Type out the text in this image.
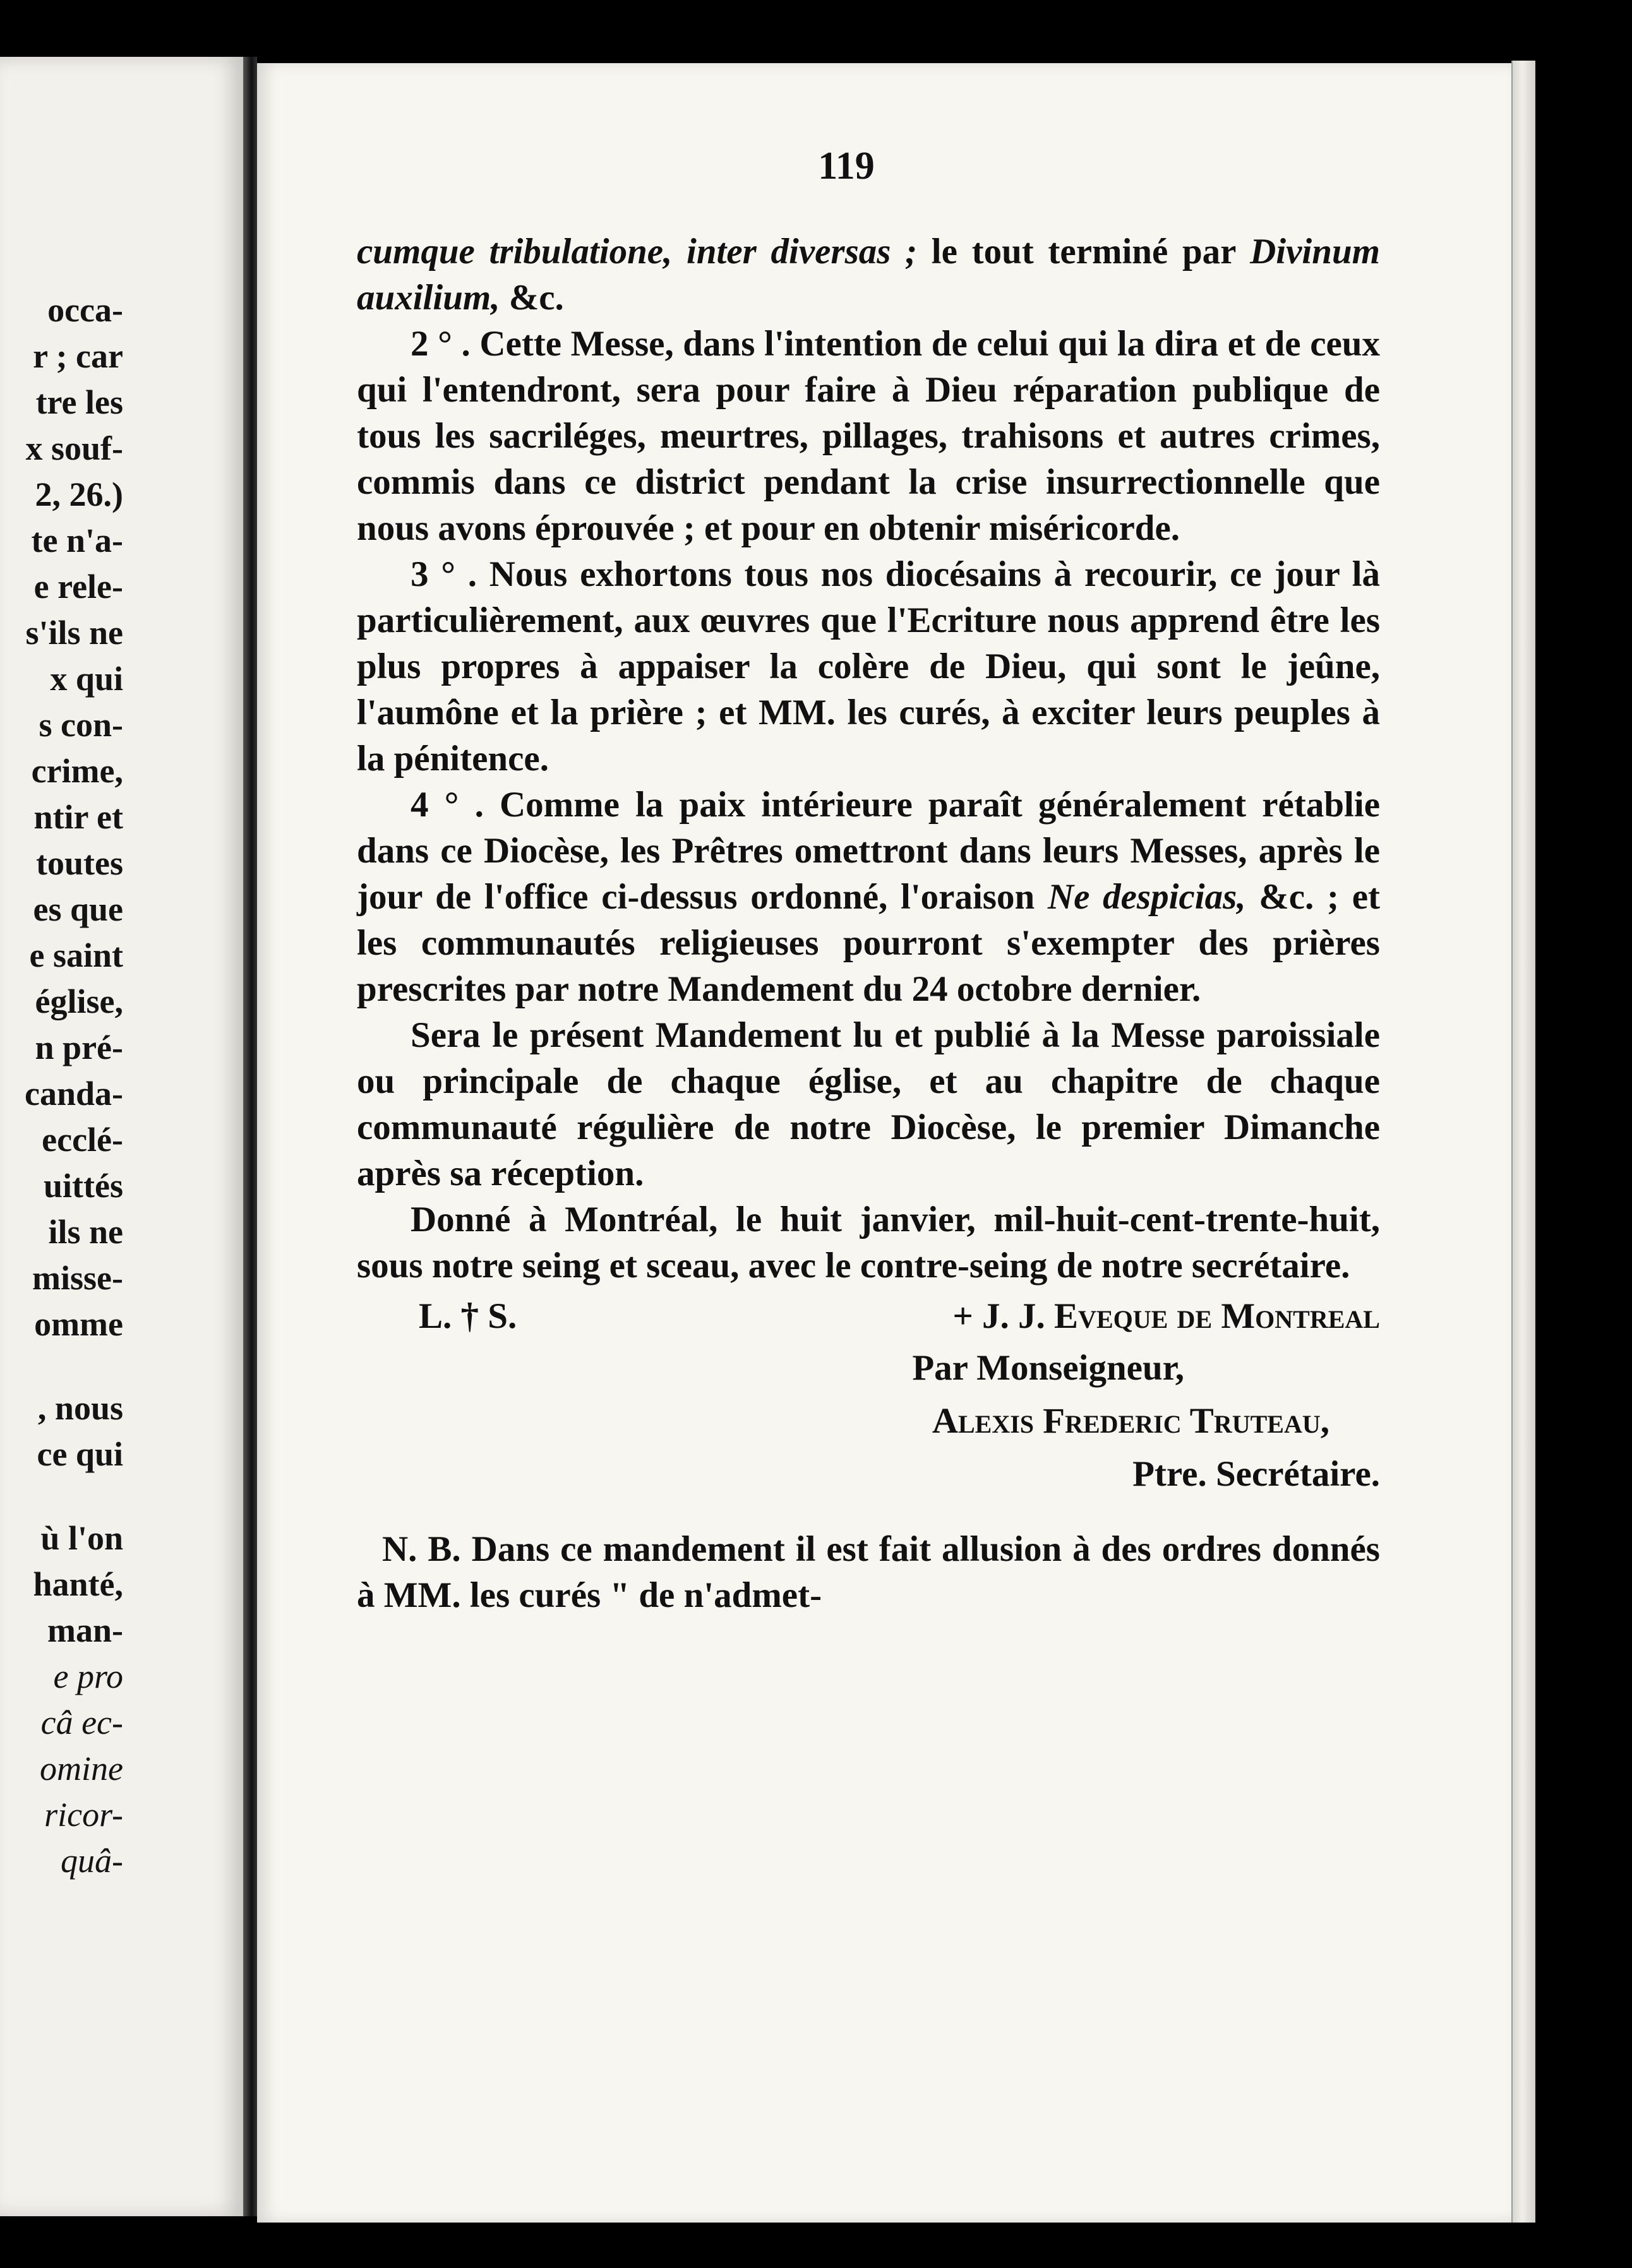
occa-
r ; car
tre les
x souf-
2, 26.)
te n'a-
e rele-
s'ils ne
x qui
s con-
crime,
ntir et
toutes
es que
e saint
église,
n pré-
canda-
ecclé-
uittés
ils ne
misse-
omme
, nous
ce qui
ù l'on
hanté,
man-
e pro
câ ec-
omine
ricor-
quâ-
119

cumque tribulatione, inter diversas ; le tout terminé par Divinum auxilium, &c.

2 ° . Cette Messe, dans l'intention de celui qui la dira et de ceux qui l'entendront, sera pour faire à Dieu réparation publique de tous les sacriléges, meurtres, pillages, trahisons et autres crimes, commis dans ce district pendant la crise insurrectionnelle que nous avons éprouvée ; et pour en obtenir miséricorde.

3 ° . Nous exhortons tous nos diocésains à recourir, ce jour là particulièrement, aux œuvres que l'Ecriture nous apprend être les plus propres à appaiser la colère de Dieu, qui sont le jeûne, l'aumône et la prière ; et MM. les curés, à exciter leurs peuples à la pénitence.

4 ° . Comme la paix intérieure paraît généralement rétablie dans ce Diocèse, les Prêtres omettront dans leurs Messes, après le jour de l'office ci-dessus ordonné, l'oraison Ne despicias, &c. ; et les communautés religieuses pourront s'exempter des prières prescrites par notre Mandement du 24 octobre dernier.

Sera le présent Mandement lu et publié à la Messe paroissiale ou principale de chaque église, et au chapitre de chaque communauté régulière de notre Diocèse, le premier Dimanche après sa réception.

Donné à Montréal, le huit janvier, mil-huit-cent-trente-huit, sous notre seing et sceau, avec le contre-seing de notre secrétaire.

L. † S.	+ J. J. Eveque de Montreal
Par Monseigneur,
Alexis Frederic Truteau,
Ptre. Secrétaire.

N. B. Dans ce mandement il est fait allusion à des ordres donnés à MM. les curés " de n'admet-
